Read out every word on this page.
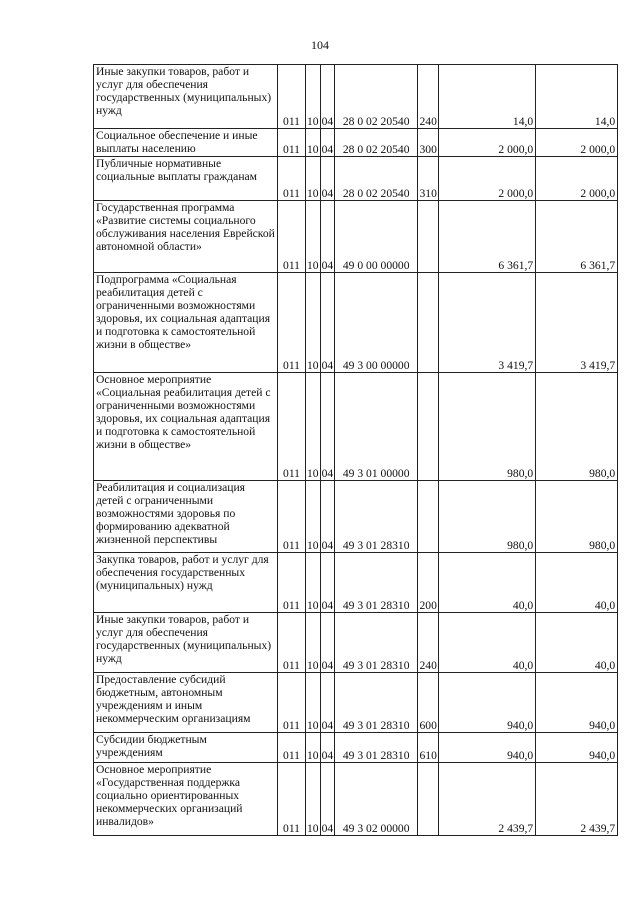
104
Иные закупки товаров, работ и услуг для обеспечения государственных (муниципальных) нужд	011	10	04	28 0 02 20540	240	14,0	14,0
Социальное обеспечение и иные выплаты населению	011	10	04	28 0 02 20540	300	2 000,0	2 000,0
Публичные нормативные социальные выплаты гражданам	011	10	04	28 0 02 20540	310	2 000,0	2 000,0
Государственная программа «Развитие системы социального обслуживания населения Еврейской автономной области»	011	10	04	49 0 00 00000		6 361,7	6 361,7
Подпрограмма «Социальная реабилитация детей с ограниченными возможностями здоровья, их социальная адаптация и подготовка к самостоятельной жизни в обществе»	011	10	04	49 3 00 00000		3 419,7	3 419,7
Основное мероприятие «Социальная реабилитация детей с ограниченными возможностями здоровья, их социальная адаптация и подготовка к самостоятельной жизни в обществе»	011	10	04	49 3 01 00000		980,0	980,0
Реабилитация и социализация детей с ограниченными возможностями здоровья по формированию адекватной жизненной перспективы	011	10	04	49 3 01 28310		980,0	980,0
Закупка товаров, работ и услуг для обеспечения государственных (муниципальных) нужд	011	10	04	49 3 01 28310	200	40,0	40,0
Иные закупки товаров, работ и услуг для обеспечения государственных (муниципальных) нужд	011	10	04	49 3 01 28310	240	40,0	40,0
Предоставление субсидий бюджетным, автономным учреждениям и иным некоммерческим организациям	011	10	04	49 3 01 28310	600	940,0	940,0
Субсидии бюджетным учреждениям	011	10	04	49 3 01 28310	610	940,0	940,0
Основное мероприятие «Государственная поддержка социально ориентированных некоммерческих организаций инвалидов»	011	10	04	49 3 02 00000		2 439,7	2 439,7
